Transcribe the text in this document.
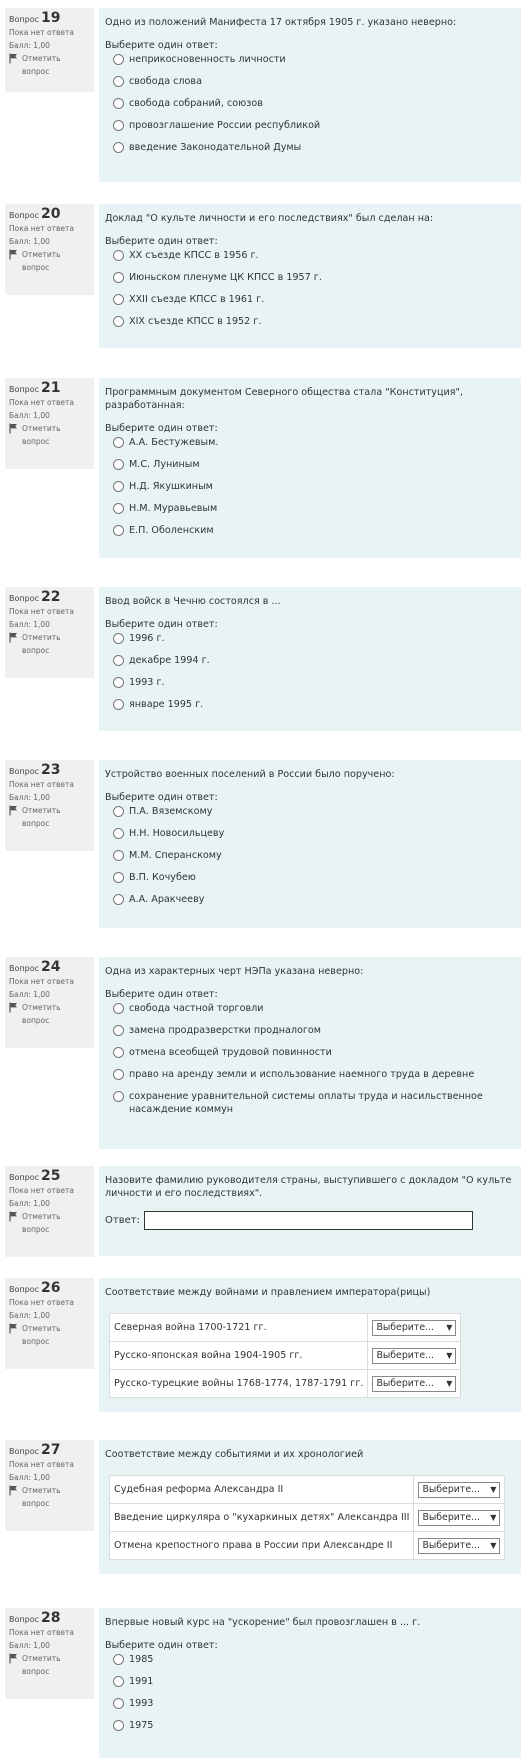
Вопрос 19
Пока нет ответа
Балл: 1,00
Отметить вопрос
Одно из положений Манифеста 17 октября 1905 г. указано неверно:
Выберите один ответ:
неприкосновенность личности
свобода слова
свобода собраний, союзов
провозглашение России республикой
введение Законодательной Думы
Вопрос 20
Пока нет ответа
Балл: 1,00
Отметить вопрос
Доклад "О культе личности и его последствиях" был сделан на:
Выберите один ответ:
XX съезде КПСС в 1956 г.
Июньском пленуме ЦК КПСС в 1957 г.
XXII съезде КПСС в 1961 г.
XIX съезде КПСС в 1952 г.
Вопрос 21
Пока нет ответа
Балл: 1,00
Отметить вопрос
Программным документом Северного общества стала "Конституция", разработанная:
Выберите один ответ:
А.А. Бестужевым.
М.С. Луниным
Н.Д. Якушкиным
Н.М. Муравьевым
Е.П. Оболенским
Вопрос 22
Пока нет ответа
Балл: 1,00
Отметить вопрос
Ввод войск в Чечню состоялся в ...
Выберите один ответ:
1996 г.
декабре 1994 г.
1993 г.
январе 1995 г.
Вопрос 23
Пока нет ответа
Балл: 1,00
Отметить вопрос
Устройство военных поселений в России было поручено:
Выберите один ответ:
П.А. Вяземскому
Н.Н. Новосильцеву
М.М. Сперанскому
В.П. Кочубею
А.А. Аракчееву
Вопрос 24
Пока нет ответа
Балл: 1,00
Отметить вопрос
Одна из характерных черт НЭПа указана неверно:
Выберите один ответ:
свобода частной торговли
замена продразверстки продналогом
отмена всеобщей трудовой повинности
право на аренду земли и использование наемного труда в деревне
сохранение уравнительной системы оплаты труда и насильственное насаждение коммун
Вопрос 25
Пока нет ответа
Балл: 1,00
Отметить вопрос
Назовите фамилию руководителя страны, выступившего с докладом "О культе личности и его последствиях".
Ответ:
Вопрос 26
Пока нет ответа
Балл: 1,00
Отметить вопрос
Соответствие между войнами и правлением императора(рицы)
Северная война 1700-1721 гг.	Выберите... ▼

Русско-японская война 1904-1905 гг.	Выберите... ▼

Русско-турецкие войны 1768-1774, 1787-1791 гг.	Выберите... ▼
Вопрос 27
Пока нет ответа
Балл: 1,00
Отметить вопрос
Соответствие между событиями и их хронологией
Судебная реформа Александра II	Выберите... ▼

Введение циркуляра о "кухаркиных детях" Александра III	Выберите... ▼

Отмена крепостного права в России при Александре II	Выберите... ▼
Вопрос 28
Пока нет ответа
Балл: 1,00
Отметить вопрос
Впервые новый курс на "ускорение" был провозглашен в ... г.
Выберите один ответ:
1985
1991
1993
1975
